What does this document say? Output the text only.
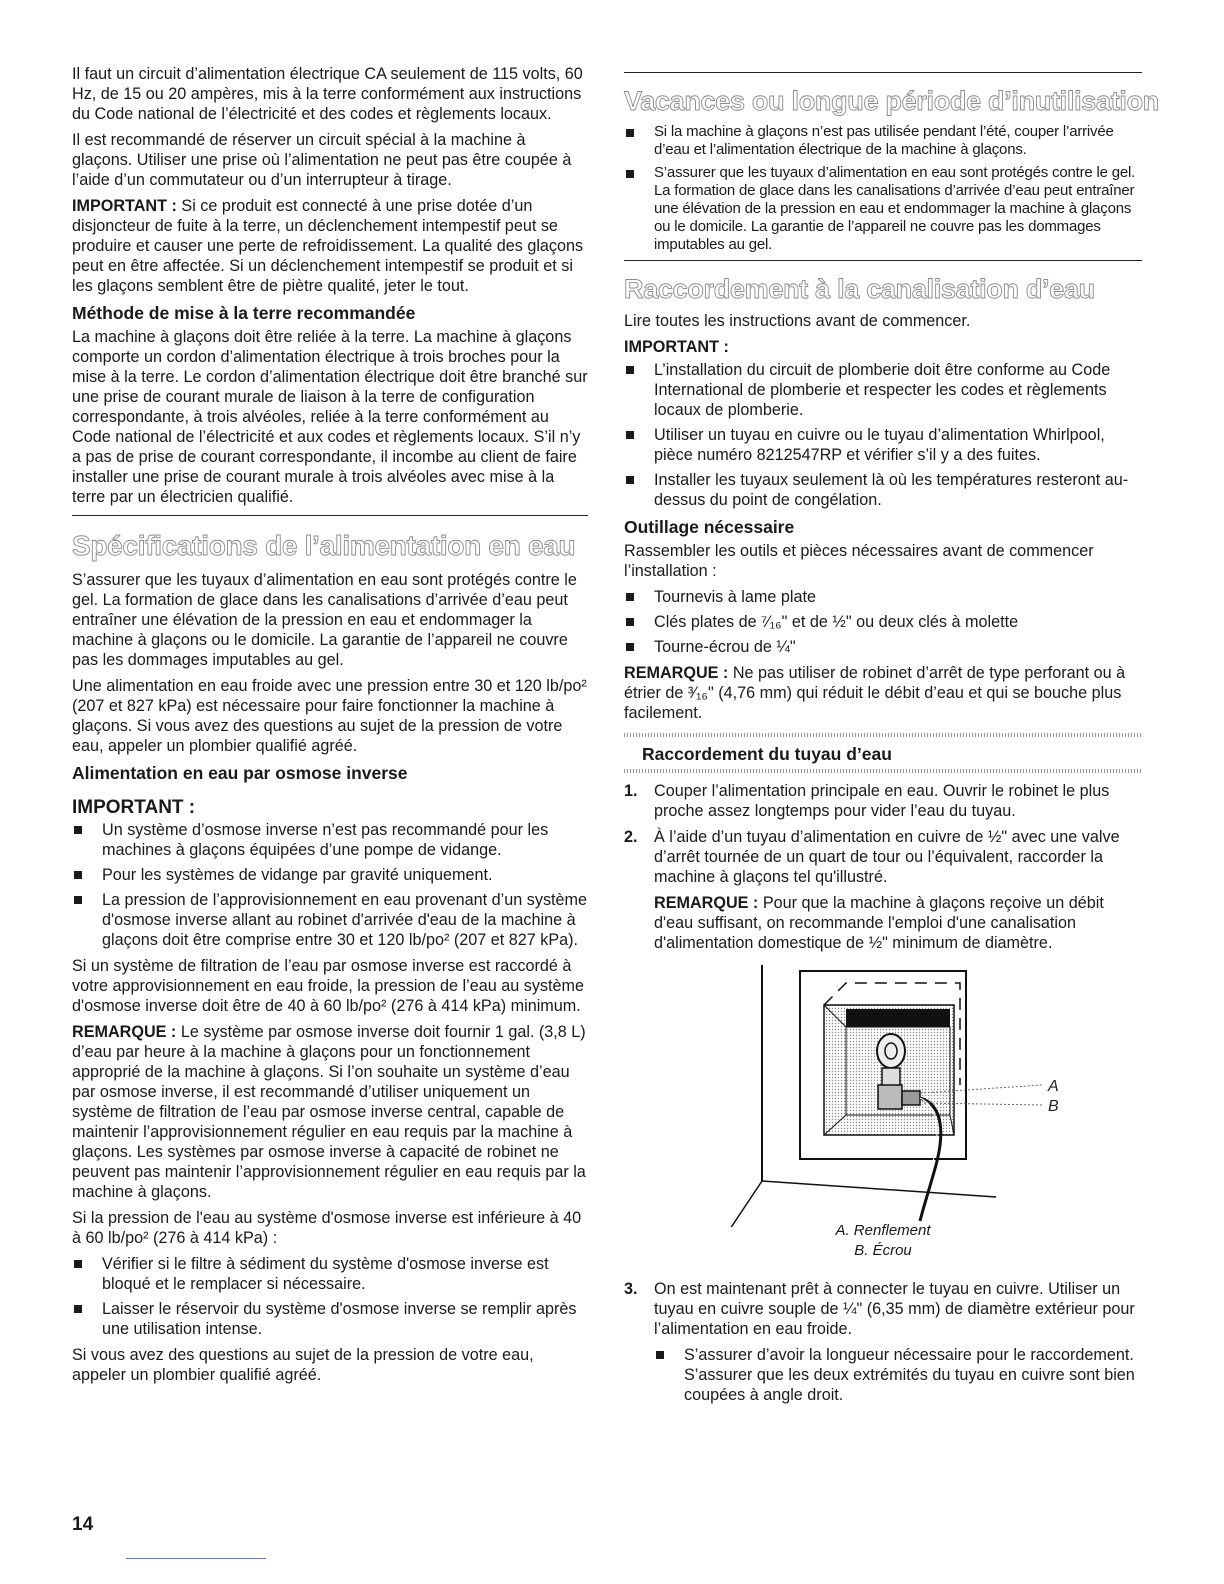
Il faut un circuit d’alimentation électrique CA seulement de 115 volts, 60 Hz, de 15 ou 20 ampères, mis à la terre conformément aux instructions du Code national de l’électricité et des codes et règlements locaux.

Il est recommandé de réserver un circuit spécial à la machine à glaçons. Utiliser une prise où l’alimentation ne peut pas être coupée à l’aide d’un commutateur ou d’un interrupteur à tirage.

IMPORTANT : Si ce produit est connecté à une prise dotée d’un disjoncteur de fuite à la terre, un déclenchement intempestif peut se produire et causer une perte de refroidissement. La qualité des glaçons peut en être affectée. Si un déclenchement intempestif se produit et si les glaçons semblent être de piètre qualité, jeter le tout.

Méthode de mise à la terre recommandée

La machine à glaçons doit être reliée à la terre. La machine à glaçons comporte un cordon d’alimentation électrique à trois broches pour la mise à la terre. Le cordon d’alimentation électrique doit être branché sur une prise de courant murale de liaison à la terre de configuration correspondante, à trois alvéoles, reliée à la terre conformément au Code national de l’électricité et aux codes et règlements locaux. S’il n’y a pas de prise de courant correspondante, il incombe au client de faire installer une prise de courant murale à trois alvéoles avec mise à la terre par un électricien qualifié.

Spécifications de l’alimentation en eau

S’assurer que les tuyaux d’alimentation en eau sont protégés contre le gel. La formation de glace dans les canalisations d’arrivée d’eau peut entraîner une élévation de la pression en eau et endommager la machine à glaçons ou le domicile. La garantie de l’appareil ne couvre pas les dommages imputables au gel.

Une alimentation en eau froide avec une pression entre 30 et 120 lb/po² (207 et 827 kPa) est nécessaire pour faire fonctionner la machine à glaçons. Si vous avez des questions au sujet de la pression de votre eau, appeler un plombier qualifié agréé.

Alimentation en eau par osmose inverse
IMPORTANT :
Un système d’osmose inverse n’est pas recommandé pour les machines à glaçons équipées d’une pompe de vidange.
Pour les systèmes de vidange par gravité uniquement.
La pression de l’approvisionnement en eau provenant d’un système d'osmose inverse allant au robinet d'arrivée d'eau de la machine à glaçons doit être comprise entre 30 et 120 lb/po² (207 et 827 kPa).

Si un système de filtration de l’eau par osmose inverse est raccordé à votre approvisionnement en eau froide, la pression de l’eau au système d'osmose inverse doit être de 40 à 60 lb/po² (276 à 414 kPa) minimum.

REMARQUE : Le système par osmose inverse doit fournir 1 gal. (3,8 L) d’eau par heure à la machine à glaçons pour un fonctionnement approprié de la machine à glaçons. Si l’on souhaite un système d’eau par osmose inverse, il est recommandé d’utiliser uniquement un système de filtration de l’eau par osmose inverse central, capable de maintenir l’approvisionnement régulier en eau requis par la machine à glaçons. Les systèmes par osmose inverse à capacité de robinet ne peuvent pas maintenir l’approvisionnement régulier en eau requis par la machine à glaçons.

Si la pression de l'eau au système d'osmose inverse est inférieure à 40 à 60 lb/po² (276 à 414 kPa) :

Vérifier si le filtre à sédiment du système d'osmose inverse est bloqué et le remplacer si nécessaire.
Laisser le réservoir du système d'osmose inverse se remplir après une utilisation intense.

Si vous avez des questions au sujet de la pression de votre eau, appeler un plombier qualifié agréé.

Vacances ou longue période d’inutilisation
Si la machine à glaçons n’est pas utilisée pendant l’été, couper l’arrivée d’eau et l’alimentation électrique de la machine à glaçons.
S’assurer que les tuyaux d’alimentation en eau sont protégés contre le gel. La formation de glace dans les canalisations d’arrivée d’eau peut entraîner une élévation de la pression en eau et endommager la machine à glaçons ou le domicile. La garantie de l’appareil ne couvre pas les dommages imputables au gel.
Raccordement à la canalisation d’eau

Lire toutes les instructions avant de commencer.

IMPORTANT :
L’installation du circuit de plomberie doit être conforme au Code International de plomberie et respecter les codes et règlements locaux de plomberie.
Utiliser un tuyau en cuivre ou le tuyau d’alimentation Whirlpool, pièce numéro 8212547RP et vérifier s’il y a des fuites.
Installer les tuyaux seulement là où les températures resteront au-dessus du point de congélation.
Outillage nécessaire

Rassembler les outils et pièces nécessaires avant de commencer l’installation :

Tournevis à lame plate
Clés plates de ⁷⁄₁₆" et de ½" ou deux clés à molette
Tourne-écrou de ¼"

REMARQUE : Ne pas utiliser de robinet d’arrêt de type perforant ou à étrier de ³⁄₁₆" (4,76 mm) qui réduit le débit d’eau et qui se bouche plus facilement.

Raccordement du tuyau d’eau
1. Couper l’alimentation principale en eau. Ouvrir le robinet le plus proche assez longtemps pour vider l’eau du tuyau.
2. À l’aide d’un tuyau d’alimentation en cuivre de ½" avec une valve d’arrêt tournée de un quart de tour ou l’équivalent, raccorder la machine à glaçons tel qu'illustré.

REMARQUE : Pour que la machine à glaçons reçoive un débit d'eau suffisant, on recommande l'emploi d'une canalisation d'alimentation domestique de ½" minimum de diamètre.

A
B
A. Renflement
B. Écrou
3. On est maintenant prêt à connecter le tuyau en cuivre. Utiliser un tuyau en cuivre souple de ¼" (6,35 mm) de diamètre extérieur pour l’alimentation en eau froide.
S’assurer d’avoir la longueur nécessaire pour le raccordement. S’assurer que les deux extrémités du tuyau en cuivre sont bien coupées à angle droit.
14
